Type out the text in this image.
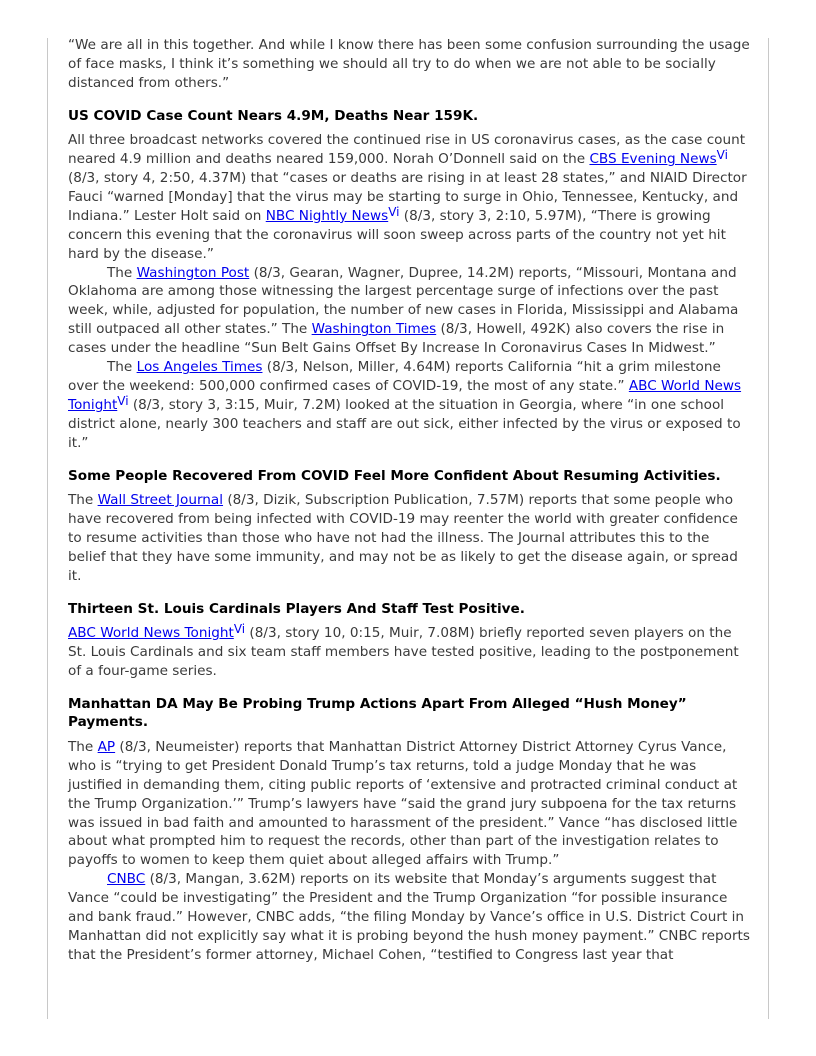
“We are all in this together. And while I know there has been some confusion surrounding the usage of face masks, I think it’s something we should all try to do when we are not able to be socially distanced from others.”

US COVID Case Count Nears 4.9M, Deaths Near 159K.

All three broadcast networks covered the continued rise in US coronavirus cases, as the case count neared 4.9 million and deaths neared 159,000. Norah O’Donnell said on the CBS Evening News$^{Vi}$ (8/3, story 4, 2:50, 4.37M) that “cases or deaths are rising in at least 28 states,” and NIAID Director Fauci “warned [Monday] that the virus may be starting to surge in Ohio, Tennessee, Kentucky, and Indiana.” Lester Holt said on NBC Nightly News$^{Vi}$ (8/3, story 3, 2:10, 5.97M), “There is growing concern this evening that the coronavirus will soon sweep across parts of the country not yet hit hard by the disease.”

The Washington Post (8/3, Gearan, Wagner, Dupree, 14.2M) reports, “Missouri, Montana and Oklahoma are among those witnessing the largest percentage surge of infections over the past week, while, adjusted for population, the number of new cases in Florida, Mississippi and Alabama still outpaced all other states.” The Washington Times (8/3, Howell, 492K) also covers the rise in cases under the headline “Sun Belt Gains Offset By Increase In Coronavirus Cases In Midwest.”

The Los Angeles Times (8/3, Nelson, Miller, 4.64M) reports California “hit a grim milestone over the weekend: 500,000 confirmed cases of COVID-19, the most of any state.” ABC World News Tonight$^{Vi}$ (8/3, story 3, 3:15, Muir, 7.2M) looked at the situation in Georgia, where “in one school district alone, nearly 300 teachers and staff are out sick, either infected by the virus or exposed to it.”

Some People Recovered From COVID Feel More Confident About Resuming Activities.

The Wall Street Journal (8/3, Dizik, Subscription Publication, 7.57M) reports that some people who have recovered from being infected with COVID-19 may reenter the world with greater confidence to resume activities than those who have not had the illness. The Journal attributes this to the belief that they have some immunity, and may not be as likely to get the disease again, or spread it.

Thirteen St. Louis Cardinals Players And Staff Test Positive.

ABC World News Tonight$^{Vi}$ (8/3, story 10, 0:15, Muir, 7.08M) briefly reported seven players on the St. Louis Cardinals and six team staff members have tested positive, leading to the postponement of a four-game series.

Manhattan DA May Be Probing Trump Actions Apart From Alleged “Hush Money” Payments.

The AP (8/3, Neumeister) reports that Manhattan District Attorney District Attorney Cyrus Vance, who is “trying to get President Donald Trump’s tax returns, told a judge Monday that he was justified in demanding them, citing public reports of ‘extensive and protracted criminal conduct at the Trump Organization.’” Trump’s lawyers have “said the grand jury subpoena for the tax returns was issued in bad faith and amounted to harassment of the president.” Vance “has disclosed little about what prompted him to request the records, other than part of the investigation relates to payoffs to women to keep them quiet about alleged affairs with Trump.”

CNBC (8/3, Mangan, 3.62M) reports on its website that Monday’s arguments suggest that Vance “could be investigating” the President and the Trump Organization “for possible insurance and bank fraud.” However, CNBC adds, “the filing Monday by Vance’s office in U.S. District Court in Manhattan did not explicitly say what it is probing beyond the hush money payment.” CNBC reports that the President’s former attorney, Michael Cohen, “testified to Congress last year that
